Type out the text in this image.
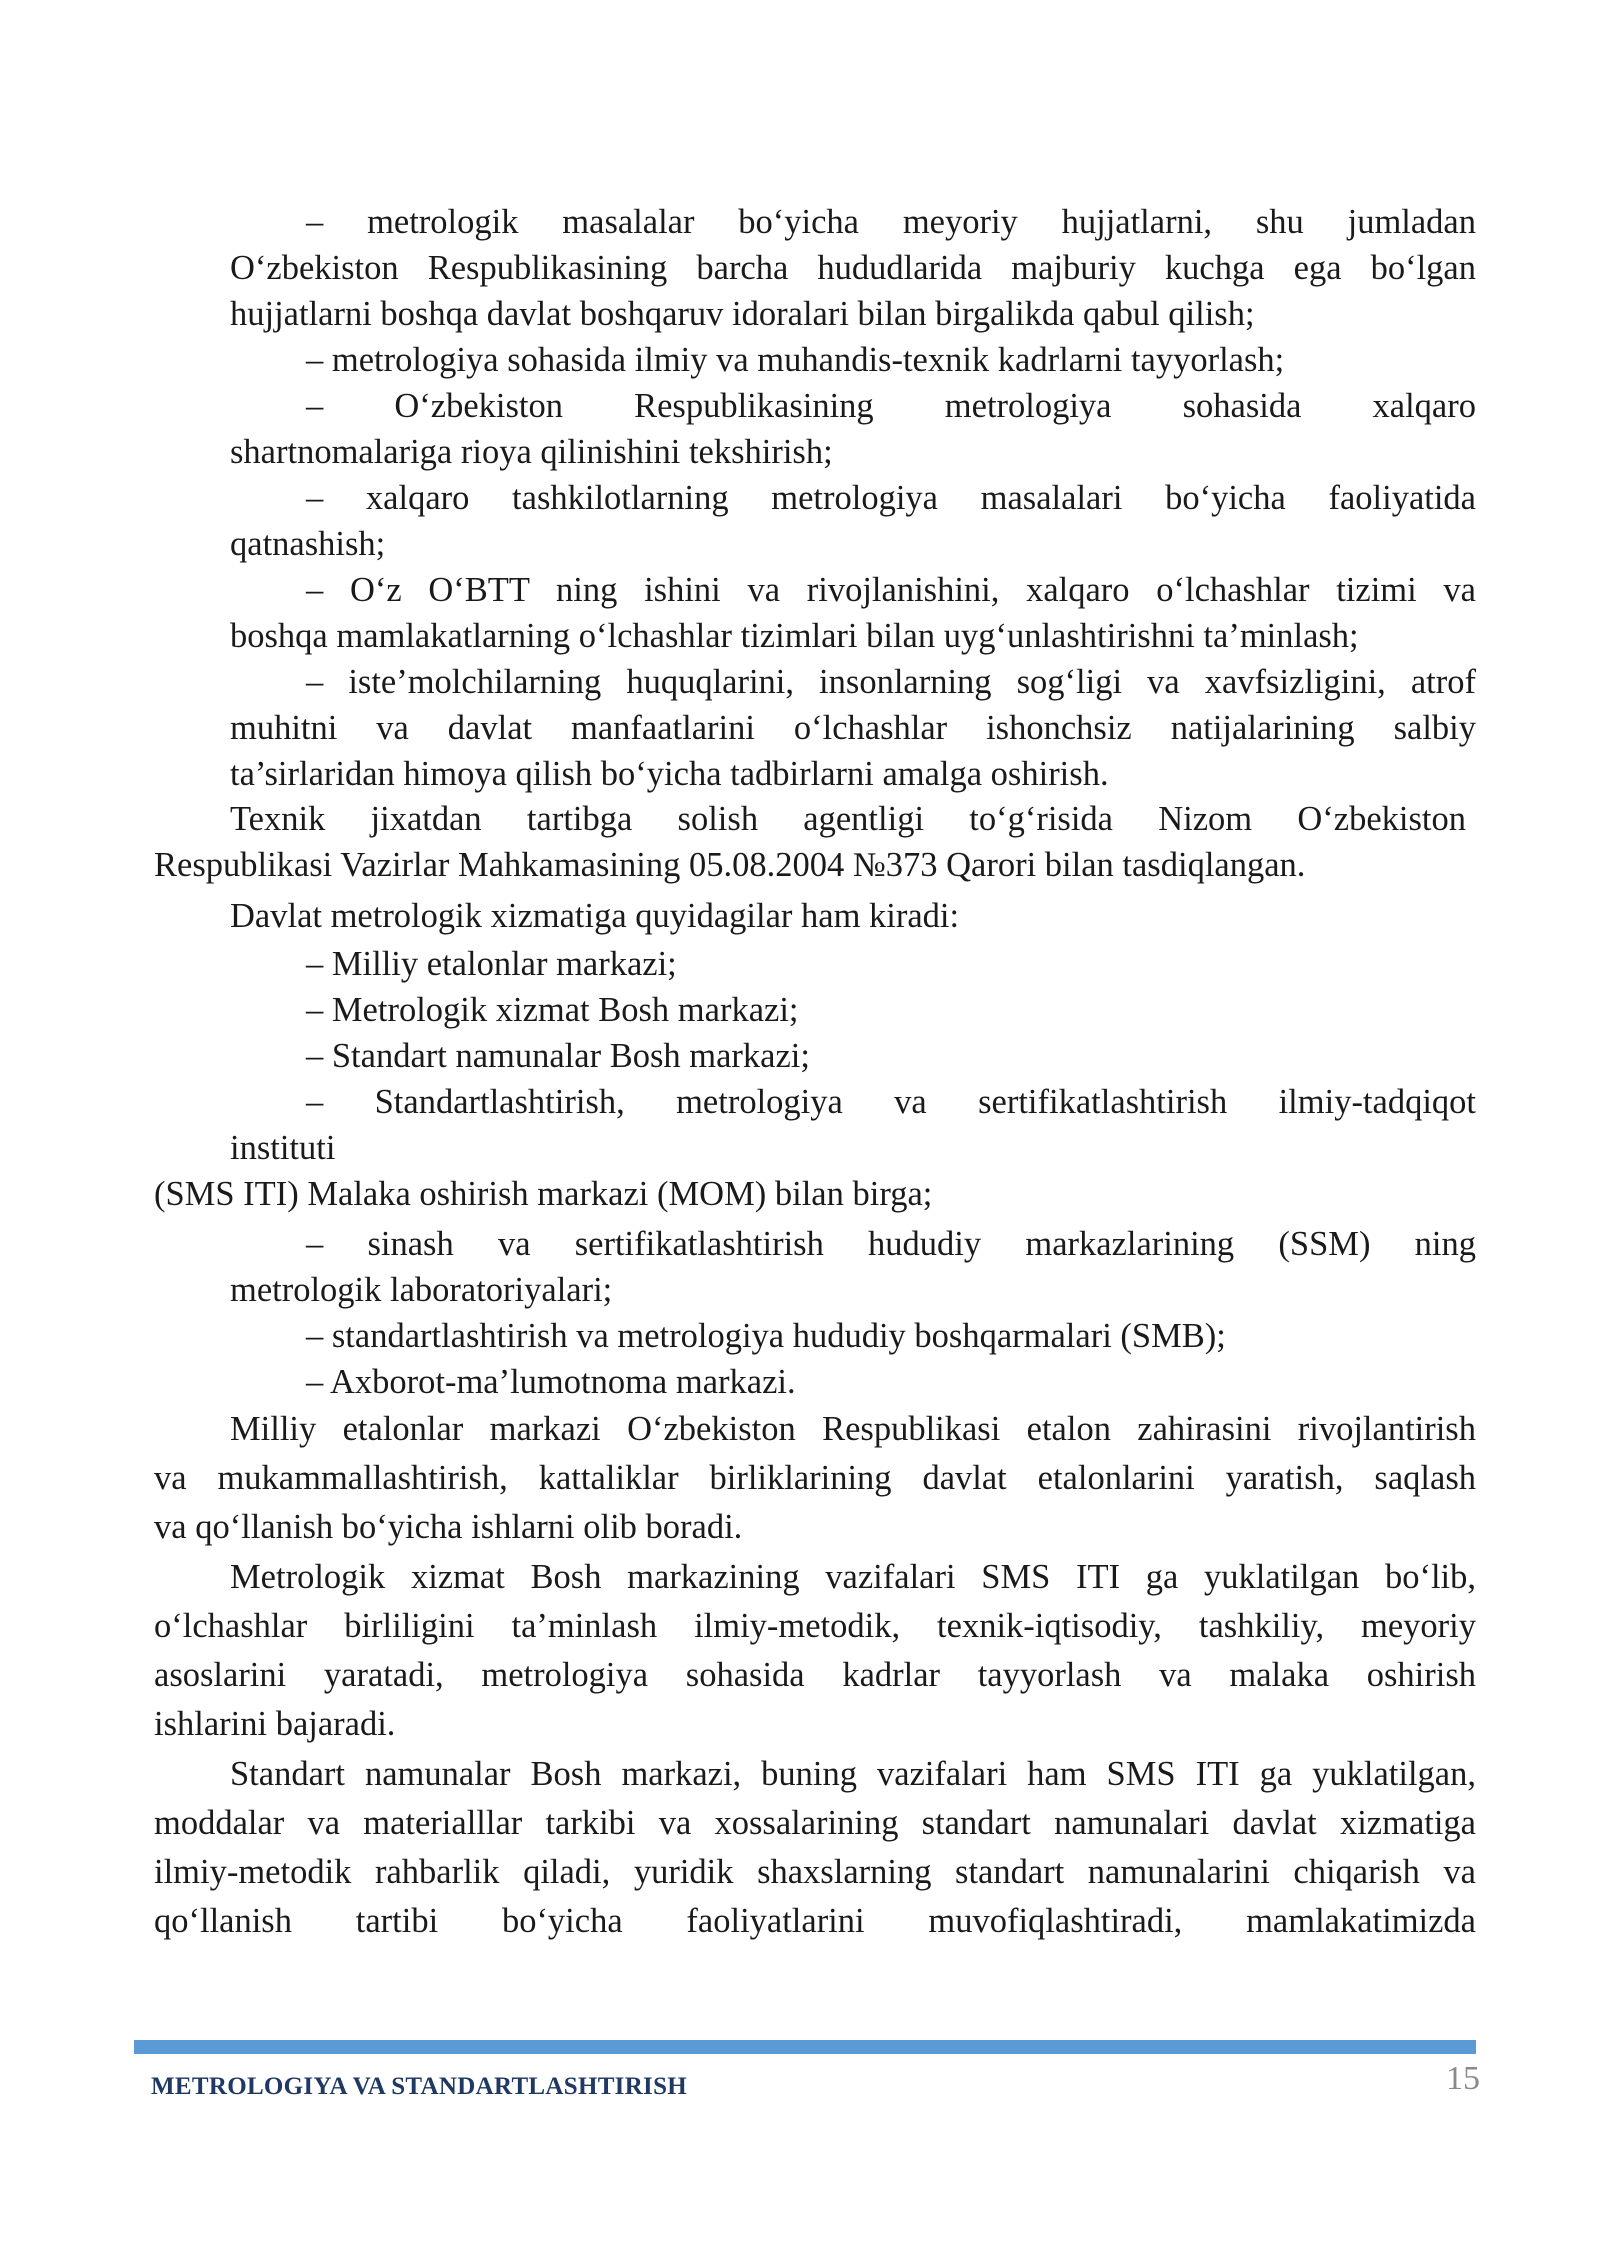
– metrologik masalalar bo‘yicha meyoriy hujjatlarni, shu jumladan
O‘zbekiston Respublikasining barcha hududlarida majburiy kuchga ega bo‘lgan
hujjatlarni boshqa davlat boshqaruv idoralari bilan birgalikda qabul qilish;
– metrologiya sohasida ilmiy va muhandis-texnik kadrlarni tayyorlash;
– O‘zbekiston Respublikasining metrologiya sohasida xalqaro
shartnomalariga rioya qilinishini tekshirish;
– xalqaro tashkilotlarning metrologiya masalalari bo‘yicha faoliyatida
qatnashish;
– O‘z O‘BTT ning ishini va rivojlanishini, xalqaro o‘lchashlar tizimi va
boshqa mamlakatlarning o‘lchashlar tizimlari bilan uyg‘unlashtirishni ta’minlash;
– iste’molchilarning huquqlarini, insonlarning sog‘ligi va xavfsizligini, atrof
muhitni va davlat manfaatlarini o‘lchashlar ishonchsiz natijalarining salbiy
ta’sirlaridan himoya qilish bo‘yicha tadbirlarni amalga oshirish.
Texnik jixatdan tartibga solish agentligi to‘g‘risida Nizom O‘zbekiston
Respublikasi Vazirlar Mahkamasining 05.08.2004 №373 Qarori bilan tasdiqlangan.
Davlat metrologik xizmatiga quyidagilar ham kiradi:
– Milliy etalonlar markazi;
– Metrologik xizmat Bosh markazi;
– Standart namunalar Bosh markazi;
– Standartlashtirish, metrologiya va sertifikatlashtirish ilmiy-tadqiqot
instituti
(SMS ITI) Malaka oshirish markazi (MOM) bilan birga;
– sinash va sertifikatlashtirish hududiy markazlarining (SSM) ning
metrologik laboratoriyalari;
– standartlashtirish va metrologiya hududiy boshqarmalari (SMB);
– Axborot-ma’lumotnoma markazi.
Milliy etalonlar markazi O‘zbekiston Respublikasi etalon zahirasini rivojlantirish
va mukammallashtirish, kattaliklar birliklarining davlat etalonlarini yaratish, saqlash
va qo‘llanish bo‘yicha ishlarni olib boradi.
Metrologik xizmat Bosh markazining vazifalari SMS ITI ga yuklatilgan bo‘lib,
o‘lchashlar birliligini ta’minlash ilmiy-metodik, texnik-iqtisodiy, tashkiliy, meyoriy
asoslarini yaratadi, metrologiya sohasida kadrlar tayyorlash va malaka oshirish
ishlarini bajaradi.
Standart namunalar Bosh markazi, buning vazifalari ham SMS ITI ga yuklatilgan,
moddalar va materialllar tarkibi va xossalarining standart namunalari davlat xizmatiga
ilmiy-metodik rahbarlik qiladi, yuridik shaxslarning standart namunalarini chiqarish va
qo‘llanish tartibi bo‘yicha faoliyatlarini muvofiqlashtiradi, mamlakatimizda
METROLOGIYA VA STANDARTLASHTIRISH	15
